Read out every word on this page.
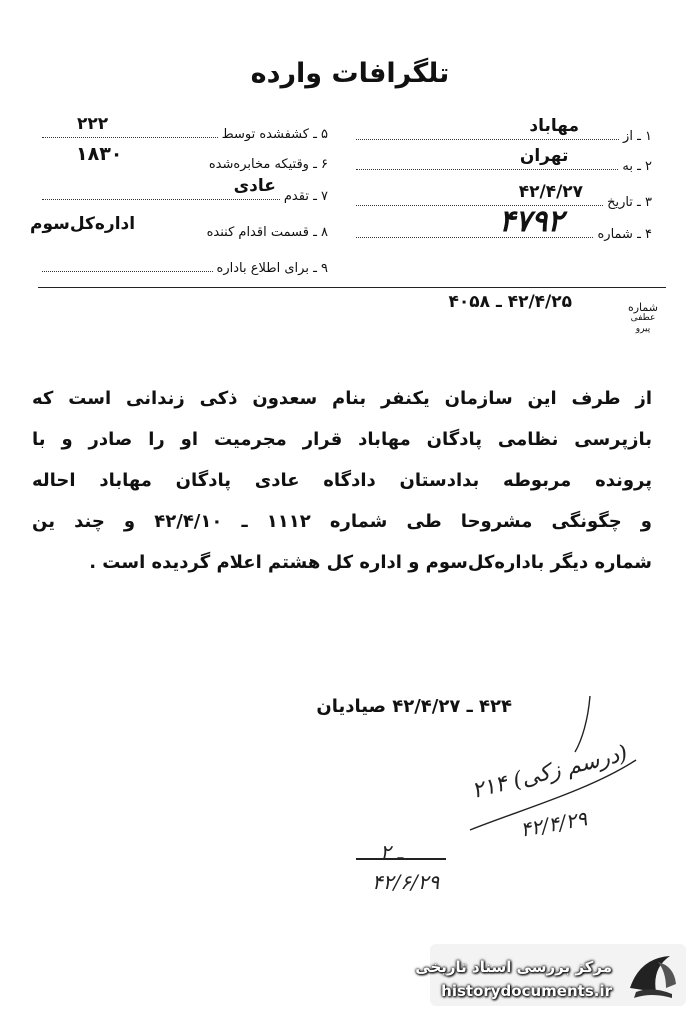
تلگرافات وارده
۱ ـ از
مهاباد
۲ ـ به
تهران
۳ ـ تاریخ
۴۲/۴/۲۷
۴ ـ شماره
۴۷۹۲
۵ ـ کشفشده توسط
۲۲۲
۶ ـ وقتیکه مخابره‌شده
۱۸۳۰
۷ ـ تقدم
عادی
۸ ـ قسمت اقدام کننده
اداره‌کل‌سوم
۹ ـ برای اطلاع باداره
شماره
عطفی
پیرو
۴۲/۴/۲۵ ـ ۴۰۵۸
از طرف این سازمان یکنفر بنام سعدون ذکی زندانی است که
بازپرسی نظامی پادگان مهاباد قرار مجرمیت او را صادر و با
پرونده مربوطه بدادستان دادگاه عادی پادگان مهاباد احاله
و چگونگی مشروحا طی شماره ۱۱۱۲ ـ ۴۲/۴/۱۰ و چند ین
شماره دیگر باداره‌کل‌سوم و اداره کل هشتم اعلام گردیده است .
۴۲۴ ـ ۴۲/۴/۲۷ صیادیان
(درسم زکی) ۲۱۴
۴۲/۴/۲۹
ـ ۲
۴۲/۶/۲۹
مرکز بررسی اسناد تاریخی
historydocuments.ir
